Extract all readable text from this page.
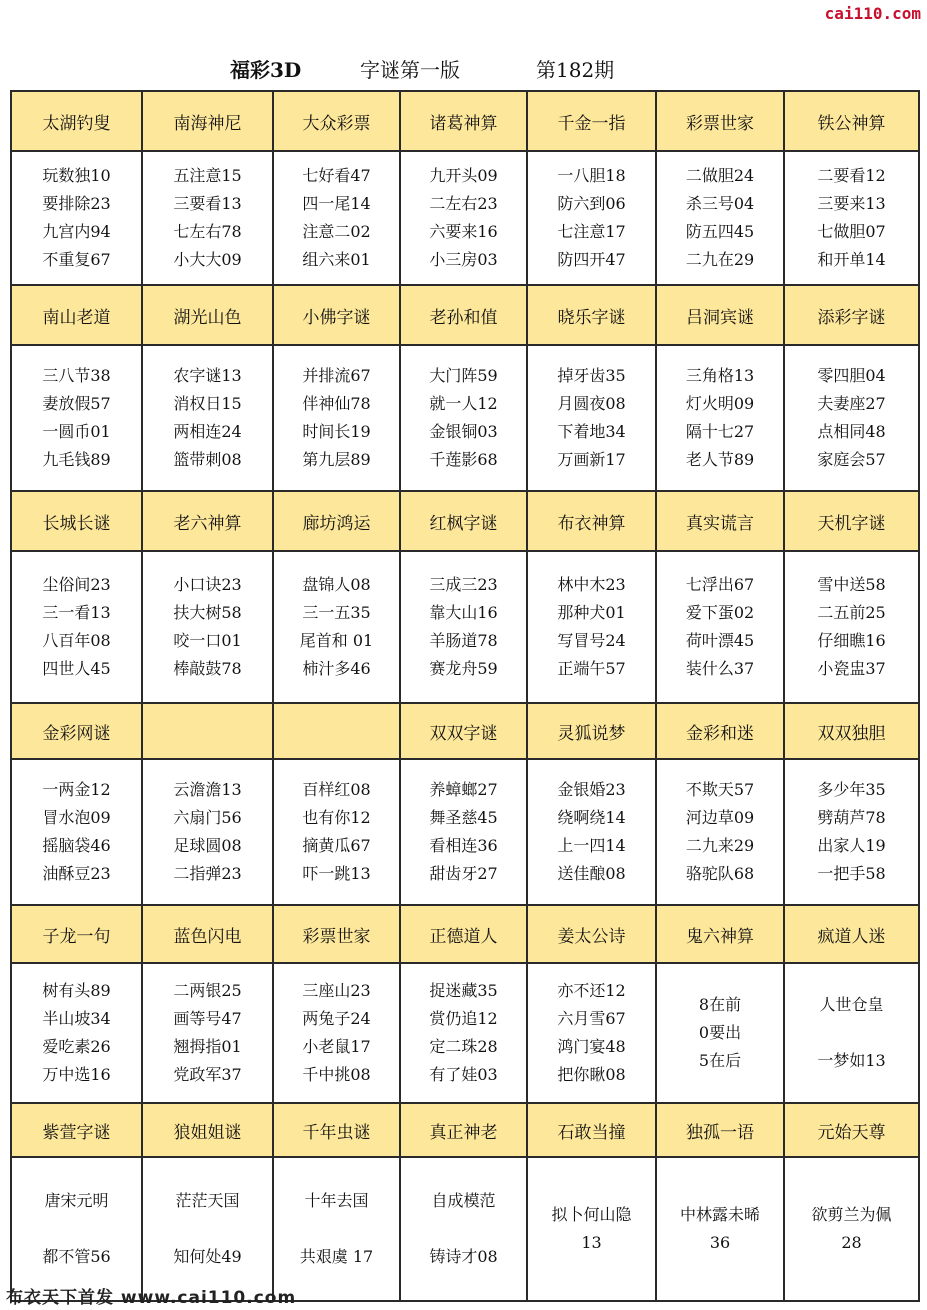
cai110.com
福彩3D	字谜第一版	第182期
太湖钓叟	南海神尼	大众彩票	诸葛神算	千金一指	彩票世家	铁公神算

玩数独10
要排除23
九宫内94
不重复67	五注意15
三要看13
七左右78
小大大09	七好看47
四一尾14
注意二02
组六来01	九开头09
二左右23
六要来16
小三房03	一八胆18
防六到06
七注意17
防四开47	二做胆24
杀三号04
防五四45
二九在29	二要看12
三要来13
七做胆07
和开单14

南山老道	湖光山色	小佛字谜	老孙和值	晓乐字谜	吕洞宾谜	添彩字谜

三八节38
妻放假57
一圆币01
九毛钱89	农字谜13
消权日15
两相连24
篮带刺08	并排流67
伴神仙78
时间长19
第九层89	大门阵59
就一人12
金银铜03
千莲影68	掉牙齿35
月圆夜08
下着地34
万画新17	三角格13
灯火明09
隔十七27
老人节89	零四胆04
夫妻座27
点相同48
家庭会57

长城长谜	老六神算	廊坊鸿运	红枫字谜	布衣神算	真实谎言	天机字谜

尘俗间23
三一看13
八百年08
四世人45	小口诀23
扶大树58
咬一口01
棒敲鼓78	盘锦人08
三一五35
尾首和 01
柿汁多46	三成三23
靠大山16
羊肠道78
赛龙舟59	林中木23
那种犬01
写冒号24
正端午57	七浮出67
爱下蛋02
荷叶漂45
装什么37	雪中送58
二五前25
仔细瞧16
小瓷盅37

金彩网谜			双双字谜	灵狐说梦	金彩和迷	双双独胆

一两金12
冒水泡09
摇脑袋46
油酥豆23	云澹澹13
六扇门56
足球圆08
二指弹23	百样红08
也有你12
摘黄瓜67
吓一跳13	养蟑螂27
舞圣慈45
看相连36
甜齿牙27	金银婚23
绕啊绕14
上一四14
送佳酿08	不欺天57
河边草09
二九来29
骆驼队68	多少年35
劈葫芦78
出家人19
一把手58

子龙一句	蓝色闪电	彩票世家	正德道人	姜太公诗	鬼六神算	疯道人迷

树有头89
半山坡34
爱吃素26
万中选16	二两银25
画等号47
翘拇指01
党政军37	三座山23
两兔子24
小老鼠17
千中挑08	捉迷藏35
赏仍追12
定二珠28
有了娃03	亦不还12
六月雪67
鸿门宴48
把你瞅08	8在前
0要出
5在后	人世仓皇
一梦如13

紫萱字谜	狼姐姐谜	千年虫谜	真正神老	石敢当撞	独孤一语	元始天尊

唐宋元明
都不管56	茫茫天国
知何处49	十年去国
共艰虞 17	自成模范
铸诗才08	拟卜何山隐
13	中林露未晞
36	欲剪兰为佩
28
布衣天下首发 www.cai110.com
